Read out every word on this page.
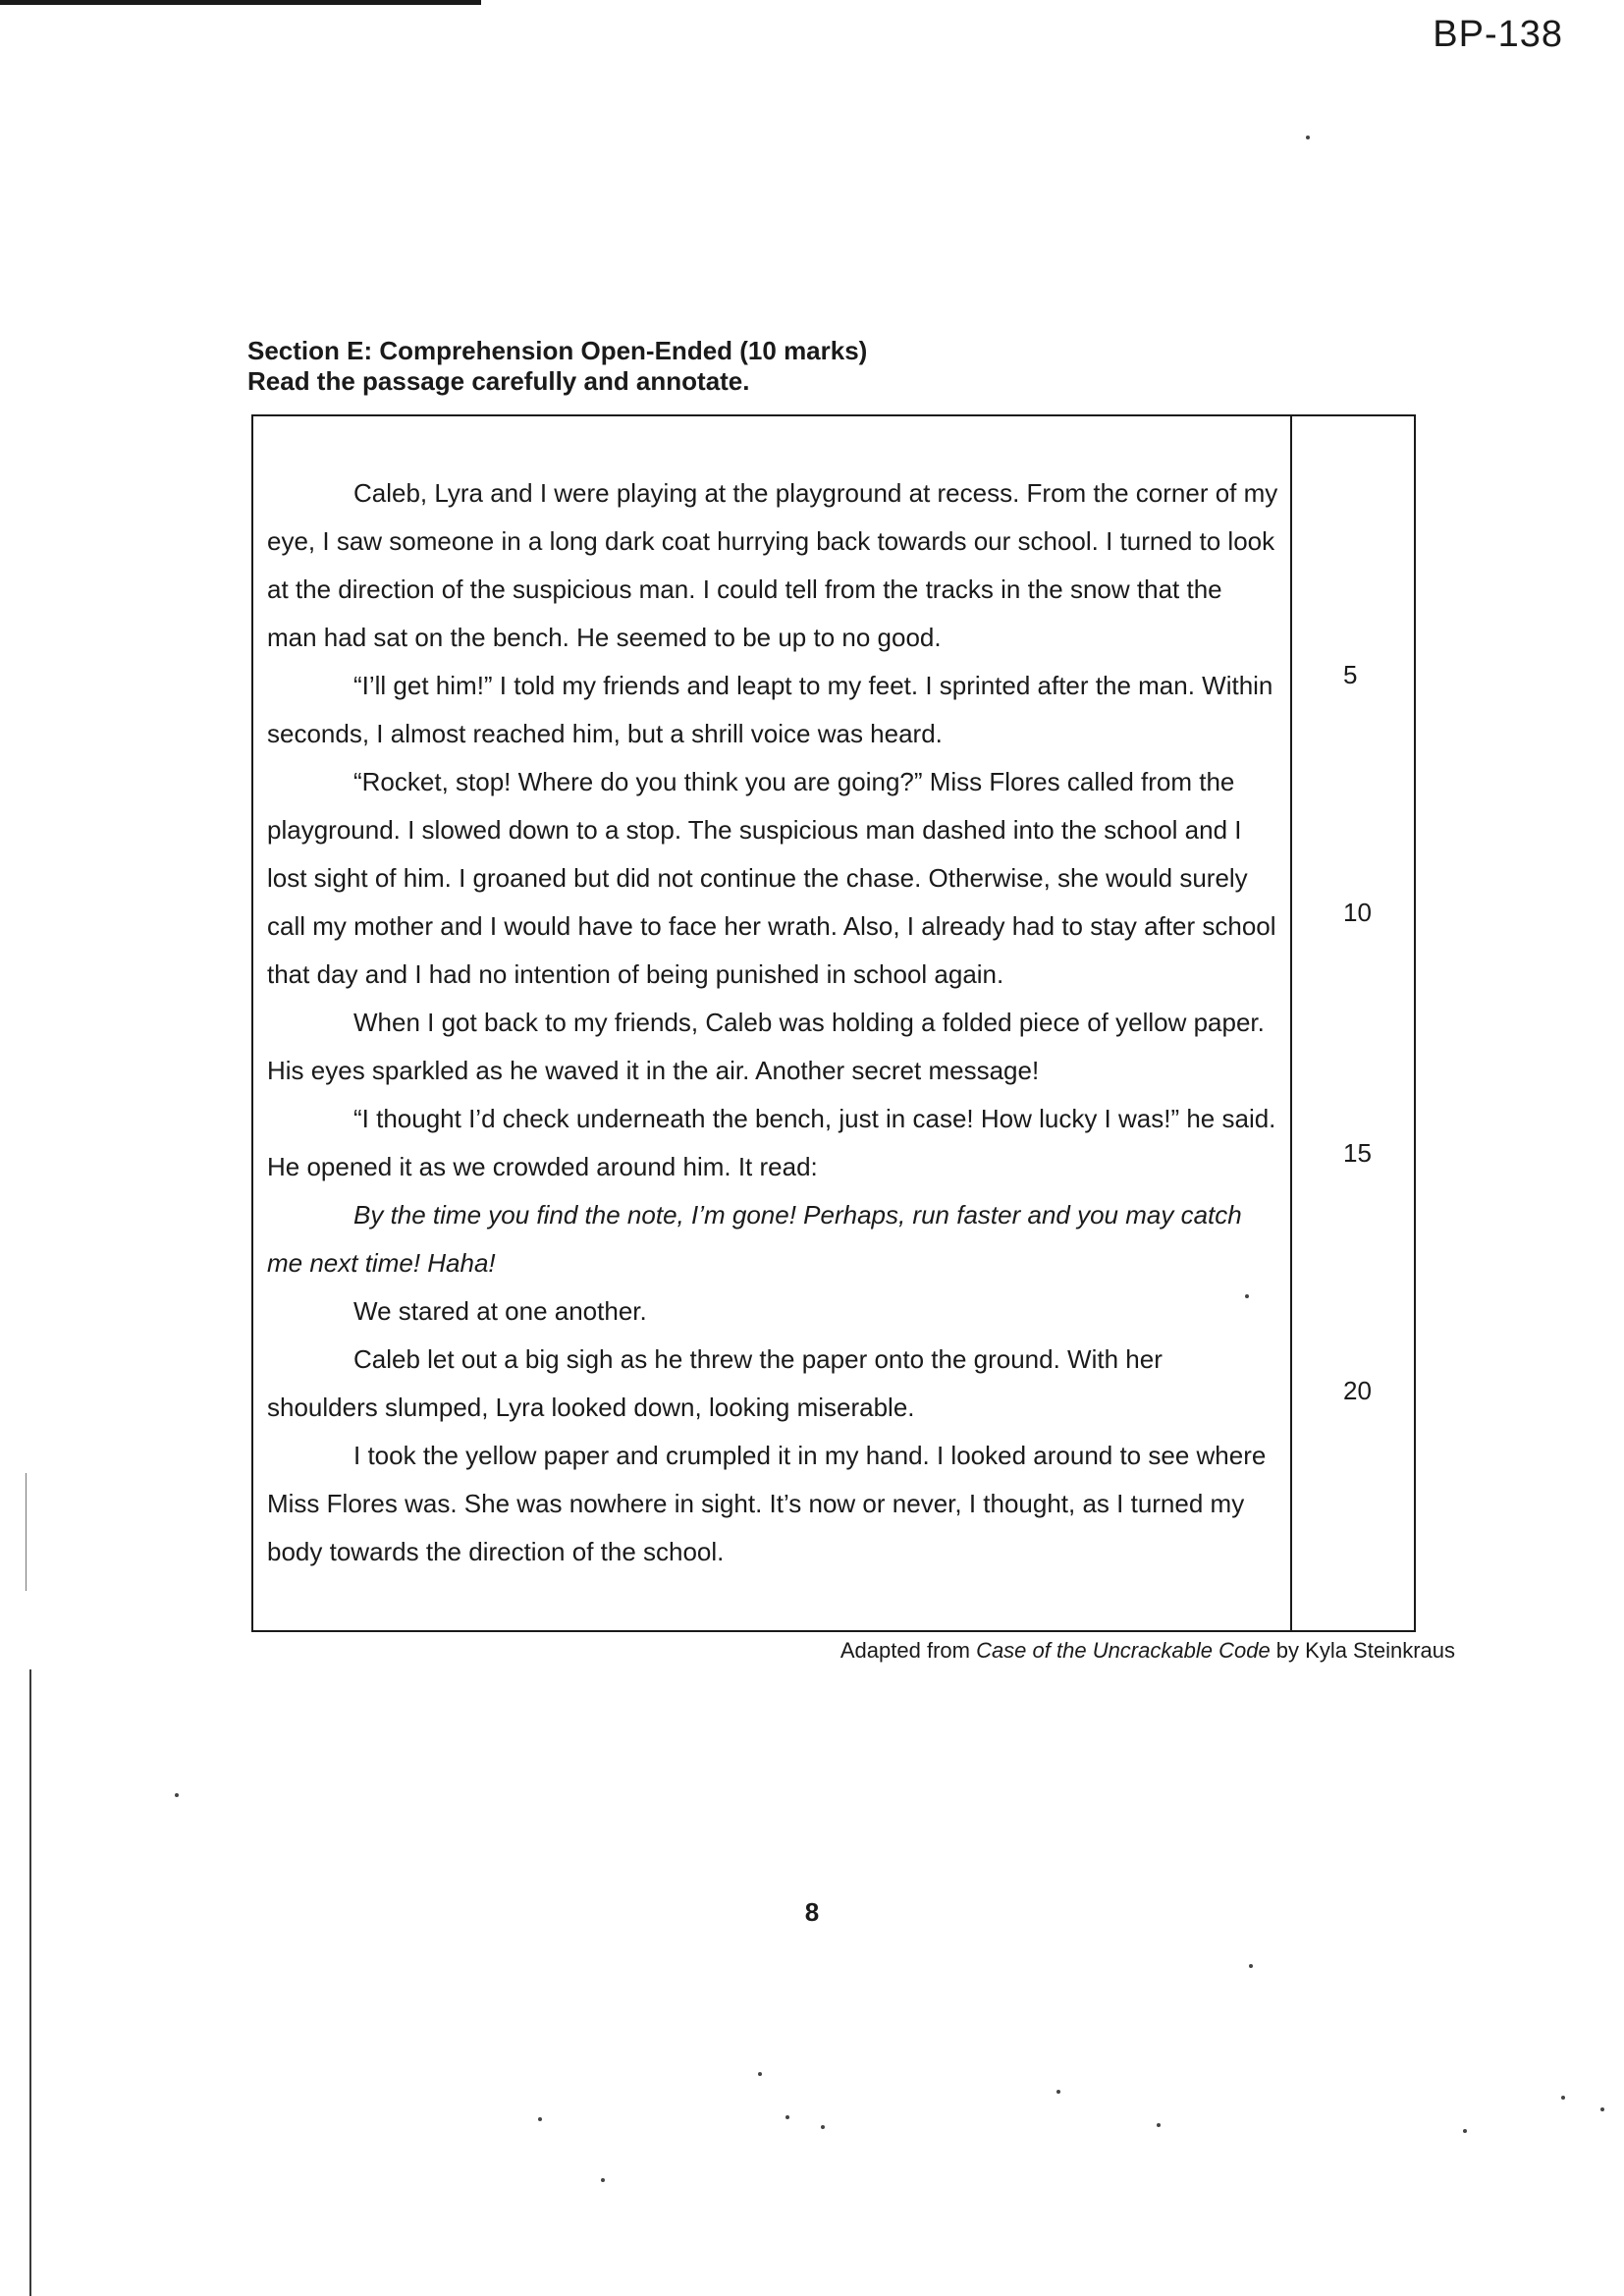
BP-138
Section E: Comprehension Open-Ended (10 marks)
Read the passage carefully and annotate.

Caleb, Lyra and I were playing at the playground at recess. From the corner of my eye, I saw someone in a long dark coat hurrying back towards our school. I turned to look at the direction of the suspicious man. I could tell from the tracks in the snow that the man had sat on the bench. He seemed to be up to no good.

“I’ll get him!” I told my friends and leapt to my feet. I sprinted after the man. Within seconds, I almost reached him, but a shrill voice was heard.

“Rocket, stop! Where do you think you are going?” Miss Flores called from the playground. I slowed down to a stop. The suspicious man dashed into the school and I lost sight of him. I groaned but did not continue the chase. Otherwise, she would surely call my mother and I would have to face her wrath. Also, I already had to stay after school that day and I had no intention of being punished in school again.

When I got back to my friends, Caleb was holding a folded piece of yellow paper. His eyes sparkled as he waved it in the air. Another secret message!

“I thought I’d check underneath the bench, just in case! How lucky I was!” he said. He opened it as we crowded around him. It read:

By the time you find the note, I’m gone! Perhaps, run faster and you may catch me next time! Haha!

We stared at one another.

Caleb let out a big sigh as he threw the paper onto the ground. With her shoulders slumped, Lyra looked down, looking miserable.

I took the yellow paper and crumpled it in my hand. I looked around to see where Miss Flores was. She was nowhere in sight. It’s now or never, I thought, as I turned my body towards the direction of the school.

5
10
15
20
Adapted from Case of the Uncrackable Code by Kyla Steinkraus
8
